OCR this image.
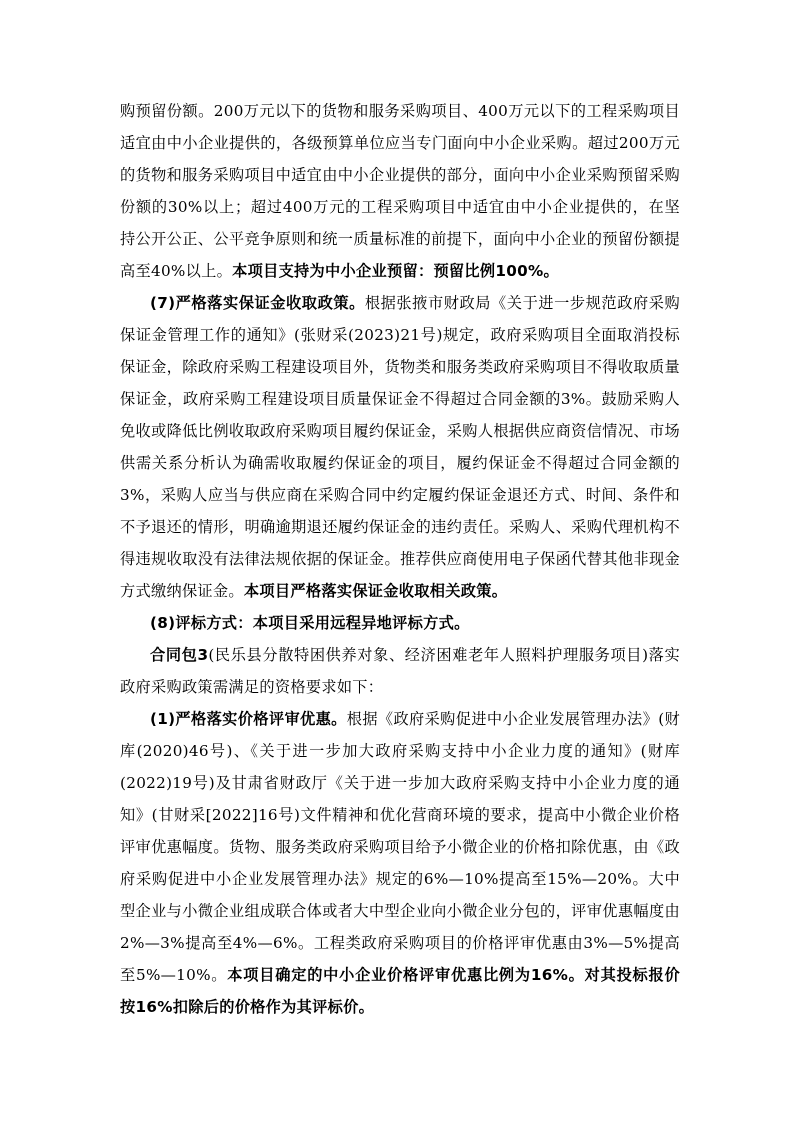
购预留份额。200万元以下的货物和服务采购项目、400万元以下的工程采购项目适宜由中小企业提供的，各级预算单位应当专门面向中小企业采购。超过200万元的货物和服务采购项目中适宜由中小企业提供的部分，面向中小企业采购预留采购份额的30%以上；超过400万元的工程采购项目中适宜由中小企业提供的，在坚持公开公正、公平竞争原则和统一质量标准的前提下，面向中小企业的预留份额提高至40%以上。本项目支持为中小企业预留：预留比例100%。

(7)严格落实保证金收取政策。根据张掖市财政局《关于进一步规范政府采购保证金管理工作的通知》(张财采(2023)21号)规定，政府采购项目全面取消投标保证金，除政府采购工程建设项目外，货物类和服务类政府采购项目不得收取质量保证金，政府采购工程建设项目质量保证金不得超过合同金额的3%。鼓励采购人免收或降低比例收取政府采购项目履约保证金，采购人根据供应商资信情况、市场供需关系分析认为确需收取履约保证金的项目，履约保证金不得超过合同金额的3%，采购人应当与供应商在采购合同中约定履约保证金退还方式、时间、条件和不予退还的情形，明确逾期退还履约保证金的违约责任。采购人、采购代理机构不得违规收取没有法律法规依据的保证金。推荐供应商使用电子保函代替其他非现金方式缴纳保证金。本项目严格落实保证金收取相关政策。

(8)评标方式：本项目采用远程异地评标方式。

合同包3(民乐县分散特困供养对象、经济困难老年人照料护理服务项目)落实政府采购政策需满足的资格要求如下：

(1)严格落实价格评审优惠。根据《政府采购促进中小企业发展管理办法》(财库(2020)46号)、《关于进一步加大政府采购支持中小企业力度的通知》(财库(2022)19号)及甘肃省财政厅《关于进一步加大政府采购支持中小企业力度的通知》(甘财采[2022]16号)文件精神和优化营商环境的要求，提高中小微企业价格评审优惠幅度。货物、服务类政府采购项目给予小微企业的价格扣除优惠，由《政府采购促进中小企业发展管理办法》规定的6%—10%提高至15%—20%。大中型企业与小微企业组成联合体或者大中型企业向小微企业分包的，评审优惠幅度由2%—3%提高至4%—6%。工程类政府采购项目的价格评审优惠由3%—5%提高至5%—10%。本项目确定的中小企业价格评审优惠比例为16%。对其投标报价按16%扣除后的价格作为其评标价。
